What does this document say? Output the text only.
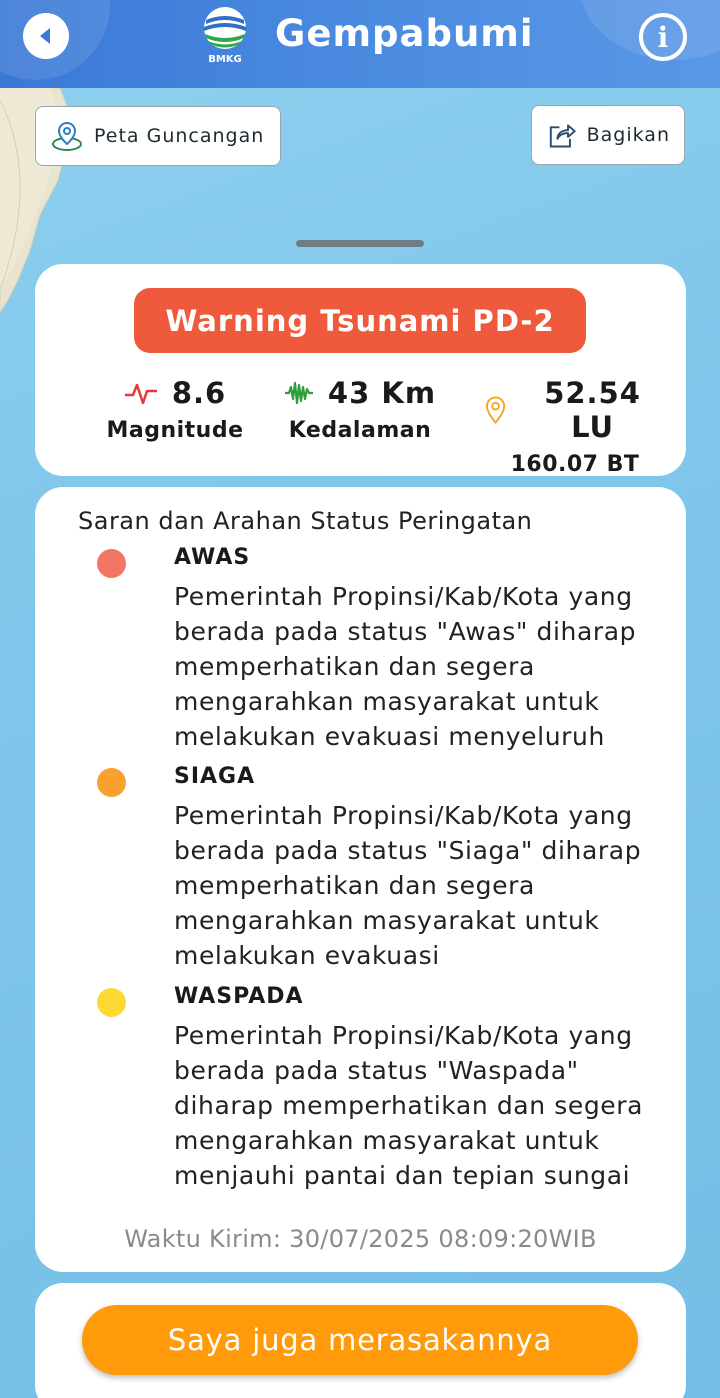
BMKG
Gempabumi	i
Peta Guncangan	Bagikan
Warning Tsunami PD-2
8.6
Magnitude
43 Km
Kedalaman
52.54 LU
160.07 BT
Saran dan Arahan Status Peringatan
AWAS
Pemerintah Propinsi/Kab/Kota yang berada pada status "Awas" diharap memperhatikan dan segera mengarahkan masyarakat untuk melakukan evakuasi menyeluruh
SIAGA
Pemerintah Propinsi/Kab/Kota yang berada pada status "Siaga" diharap memperhatikan dan segera mengarahkan masyarakat untuk melakukan evakuasi
WASPADA
Pemerintah Propinsi/Kab/Kota yang berada pada status "Waspada" diharap memperhatikan dan segera mengarahkan masyarakat untuk menjauhi pantai dan tepian sungai
Waktu Kirim: 30/07/2025 08:09:20WIB
Saya juga merasakannya
